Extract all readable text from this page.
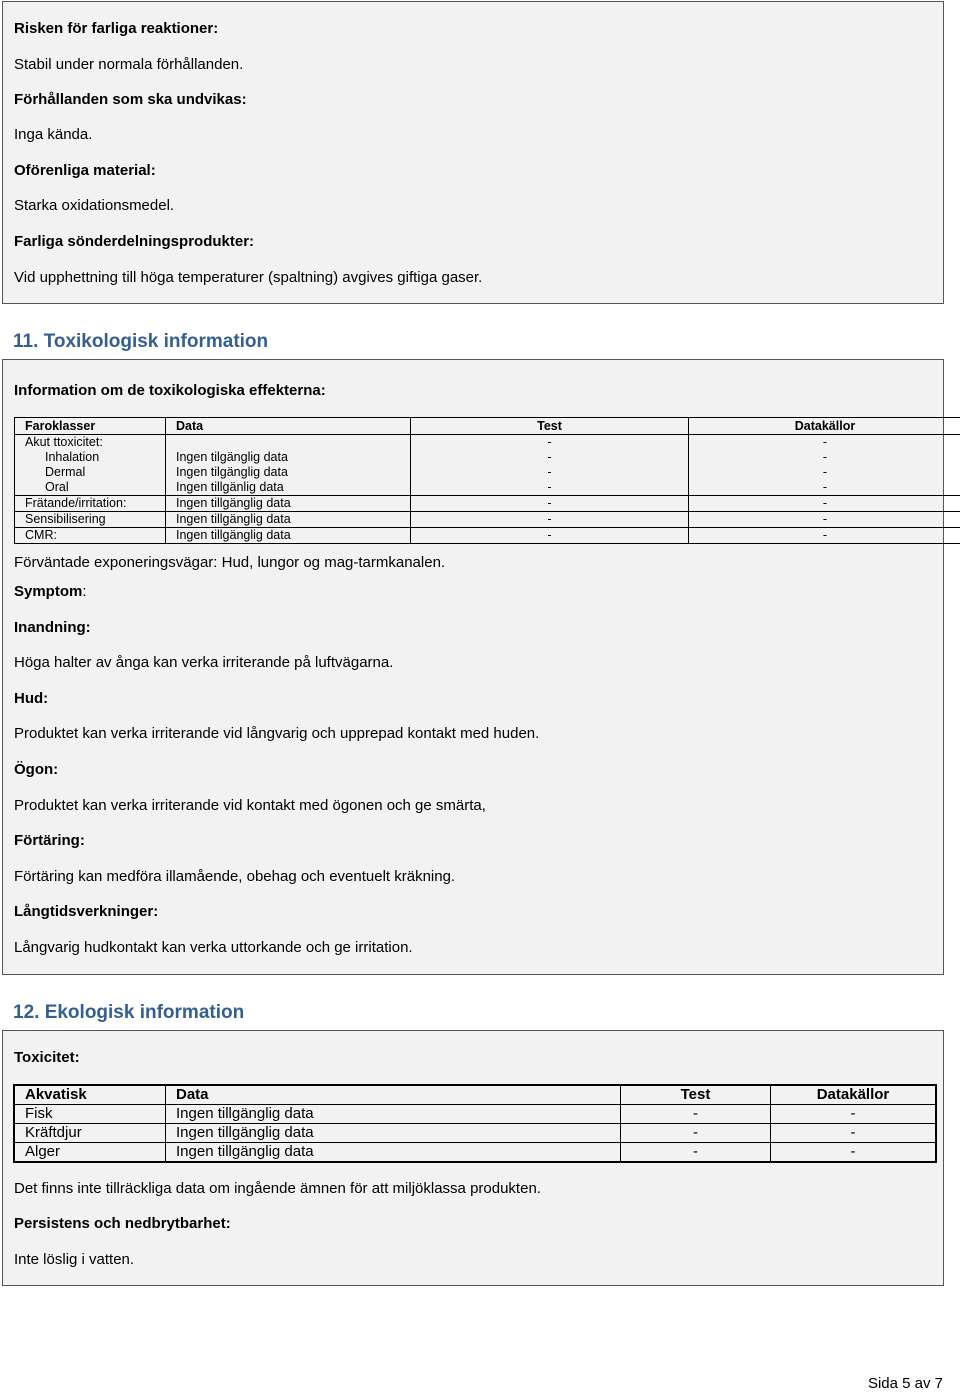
Risken för farliga reaktioner:
Stabil under normala förhållanden.
Förhållanden som ska undvikas:
Inga kända.
Oförenliga material:
Starka oxidationsmedel.
Farliga sönderdelningsprodukter:
Vid upphettning till höga temperaturer (spaltning) avgives giftiga gaser.
11. Toxikologisk information
Information om de toxikologiska effekterna:
Faroklasser	Data	Test	Datakällor
Akut ttoxicitet:		-	-
Inhalation	Ingen tilgänglig data	-	-
Dermal	Ingen tilgänglig data	-	-
Oral	Ingen tillgänlig data	-	-
Frätande/irritation:	Ingen tillgänglig data	-	-
Sensibilisering	Ingen tillgänglig data	-	-
CMR:	Ingen tillgänglig data	-	-
Förväntade exponeringsvägar: Hud, lungor og mag-tarmkanalen.
Symptom:
Inandning:
Höga halter av ånga kan verka irriterande på luftvägarna.
Hud:
Produktet kan verka irriterande vid långvarig och upprepad kontakt med huden.
Ögon:
Produktet kan verka irriterande vid kontakt med ögonen och ge smärta,
Förtäring:
Förtäring kan medföra illamående, obehag och eventuelt kräkning.
Långtidsverkninger:
Långvarig hudkontakt kan verka uttorkande och ge irritation.
12. Ekologisk information
Toxicitet:
Akvatisk	Data	Test	Datakällor
Fisk	Ingen tillgänglig data	-	-
Kräftdjur	Ingen tillgänglig data	-	-
Alger	Ingen tillgänglig data	-	-
Det finns inte tillräckliga data om ingående ämnen för att miljöklassa produkten.
Persistens och nedbrytbarhet:
Inte löslig i vatten.
Sida 5 av 7
